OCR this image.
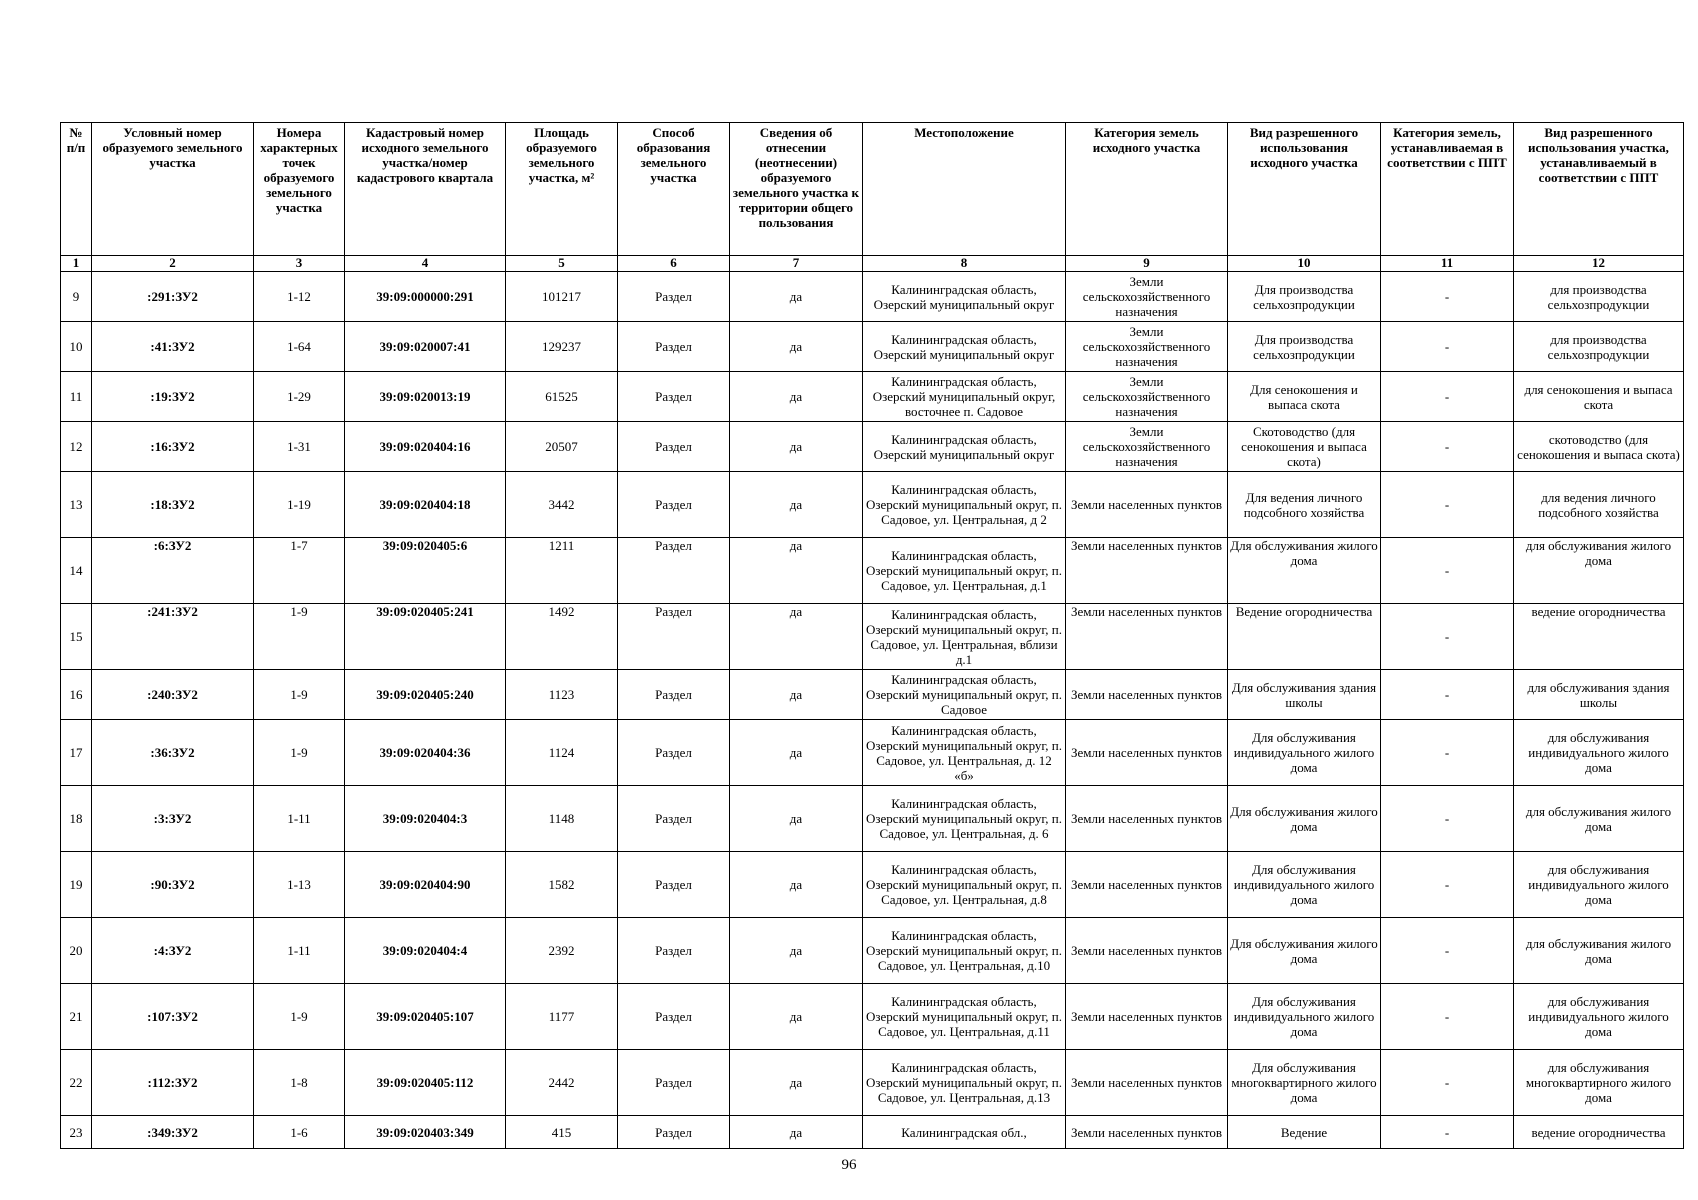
№ п/п	Условный номер образуемого земельного участка	Номера характерных точек образуемого земельного участка	Кадастровый номер исходного земельного участка/номер кадастрового квартала	Площадь образуемого земельного участка, м²	Способ образования земельного участка	Сведения об отнесении (неотнесении) образуемого земельного участка к территории общего пользования	Местоположение	Категория земель исходного участка	Вид разрешенного использования исходного участка	Категория земель, устанавливаемая в соответствии с ППТ	Вид разрешенного использования участка, устанавливаемый в соответствии с ППТ
1	2	3	4	5	6	7	8	9	10	11	12
9	:291:ЗУ2	1-12	39:09:000000:291	101217	Раздел	да	Калининградская область, Озерский муниципальный округ	Земли сельскохозяйственного назначения	Для производства сельхозпродукции	-	для производства сельхозпродукции
10	:41:ЗУ2	1-64	39:09:020007:41	129237	Раздел	да	Калининградская область, Озерский муниципальный округ	Земли сельскохозяйственного назначения	Для производства сельхозпродукции	-	для производства сельхозпродукции
11	:19:ЗУ2	1-29	39:09:020013:19	61525	Раздел	да	Калининградская область, Озерский муниципальный округ, восточнее п. Садовое	Земли сельскохозяйственного назначения	Для сенокошения и выпаса скота	-	для сенокошения и выпаса скота
12	:16:ЗУ2	1-31	39:09:020404:16	20507	Раздел	да	Калининградская область, Озерский муниципальный округ	Земли сельскохозяйственного назначения	Скотоводство (для сенокошения и выпаса скота)	-	скотоводство (для сенокошения и выпаса скота)
13	:18:ЗУ2	1-19	39:09:020404:18	3442	Раздел	да	Калининградская область, Озерский муниципальный округ, п. Садовое, ул. Центральная, д 2	Земли населенных пунктов	Для ведения личного подсобного хозяйства	-	для ведения личного подсобного хозяйства
14	:6:ЗУ2	1-7	39:09:020405:6	1211	Раздел	да	Калининградская область, Озерский муниципальный округ, п. Садовое, ул. Центральная, д.1	Земли населенных пунктов	Для обслуживания жилого дома	-	для обслуживания жилого дома
15	:241:ЗУ2	1-9	39:09:020405:241	1492	Раздел	да	Калининградская область, Озерский муниципальный округ, п. Садовое, ул. Центральная, вблизи д.1	Земли населенных пунктов	Ведение огородничества	-	ведение огородничества
16	:240:ЗУ2	1-9	39:09:020405:240	1123	Раздел	да	Калининградская область, Озерский муниципальный округ, п. Садовое	Земли населенных пунктов	Для обслуживания здания школы	-	для обслуживания здания школы
17	:36:ЗУ2	1-9	39:09:020404:36	1124	Раздел	да	Калининградская область, Озерский муниципальный округ, п. Садовое, ул. Центральная, д. 12 «б»	Земли населенных пунктов	Для обслуживания индивидуального жилого дома	-	для обслуживания индивидуального жилого дома
18	:3:ЗУ2	1-11	39:09:020404:3	1148	Раздел	да	Калининградская область, Озерский муниципальный округ, п. Садовое, ул. Центральная, д. 6	Земли населенных пунктов	Для обслуживания жилого дома	-	для обслуживания жилого дома
19	:90:ЗУ2	1-13	39:09:020404:90	1582	Раздел	да	Калининградская область, Озерский муниципальный округ, п. Садовое, ул. Центральная, д.8	Земли населенных пунктов	Для обслуживания индивидуального жилого дома	-	для обслуживания индивидуального жилого дома
20	:4:ЗУ2	1-11	39:09:020404:4	2392	Раздел	да	Калининградская область, Озерский муниципальный округ, п. Садовое, ул. Центральная, д.10	Земли населенных пунктов	Для обслуживания жилого дома	-	для обслуживания жилого дома
21	:107:ЗУ2	1-9	39:09:020405:107	1177	Раздел	да	Калининградская область, Озерский муниципальный округ, п. Садовое, ул. Центральная, д.11	Земли населенных пунктов	Для обслуживания индивидуального жилого дома	-	для обслуживания индивидуального жилого дома
22	:112:ЗУ2	1-8	39:09:020405:112	2442	Раздел	да	Калининградская область, Озерский муниципальный округ, п. Садовое, ул. Центральная, д.13	Земли населенных пунктов	Для обслуживания многоквартирного жилого дома	-	для обслуживания многоквартирного жилого дома
23	:349:ЗУ2	1-6	39:09:020403:349	415	Раздел	да	Калининградская обл.,	Земли населенных пунктов	Ведение	-	ведение огородничества
96
